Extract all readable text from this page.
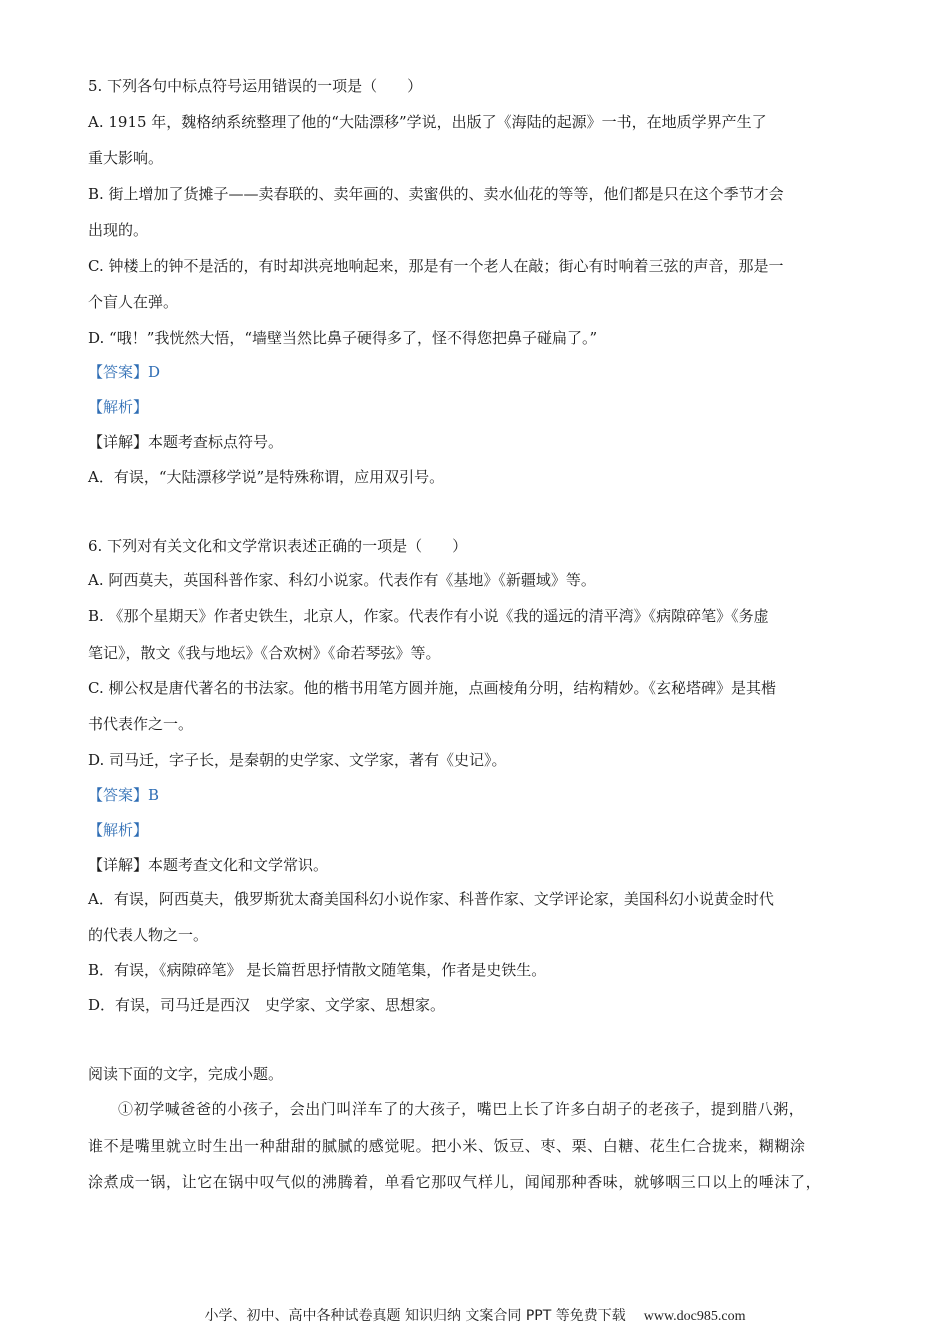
5. 下列各句中标点符号运用错误的一项是（　　）
A. 1915 年，魏格纳系统整理了他的“大陆漂移”学说，出版了《海陆的起源》一书，在地质学界产生了
重大影响。
B. 街上增加了货摊子——卖春联的、卖年画的、卖蜜供的、卖水仙花的等等，他们都是只在这个季节才会
出现的。
C. 钟楼上的钟不是活的，有时却洪亮地响起来，那是有一个老人在敲；街心有时响着三弦的声音，那是一
个盲人在弹。
D. “哦！”我恍然大悟，“墙壁当然比鼻子硬得多了，怪不得您把鼻子碰扁了。”
【答案】D
【解析】
【详解】本题考查标点符号。
A．有误，“大陆漂移学说”是特殊称谓，应用双引号。
6. 下列对有关文化和文学常识表述正确的一项是（　　）
A. 阿西莫夫，英国科普作家、科幻小说家。代表作有《基地》《新疆域》等。
B. 《那个星期天》作者史铁生，北京人，作家。代表作有小说《我的遥远的清平湾》《病隙碎笔》《务虚
笔记》，散文《我与地坛》《合欢树》《命若琴弦》等。
C. 柳公权是唐代著名的书法家。他的楷书用笔方圆并施，点画棱角分明，结构精妙。《玄秘塔碑》是其楷
书代表作之一。
D. 司马迁，字子长，是秦朝的史学家、文学家，著有《史记》。
【答案】B
【解析】
【详解】本题考查文化和文学常识。
A．有误，阿西莫夫，俄罗斯犹太裔美国科幻小说作家、科普作家、文学评论家，美国科幻小说黄金时代
的代表人物之一。
B．有误，《病隙碎笔》 是长篇哲思抒情散文随笔集，作者是史铁生。
D．有误，司马迁是西汉　史学家、文学家、思想家。
阅读下面的文字，完成小题。
①初学喊爸爸的小孩子，会出门叫洋车了的大孩子，嘴巴上长了许多白胡子的老孩子，提到腊八粥，
谁不是嘴里就立时生出一种甜甜的腻腻的感觉呢。把小米、饭豆、枣、栗、白糖、花生仁合拢来，糊糊涂
涂煮成一锅，让它在锅中叹气似的沸腾着，单看它那叹气样儿，闻闻那种香味，就够咽三口以上的唾沫了，
小学、初中、高中各种试卷真题 知识归纳 文案合同 PPT 等免费下载 www.doc985.com
